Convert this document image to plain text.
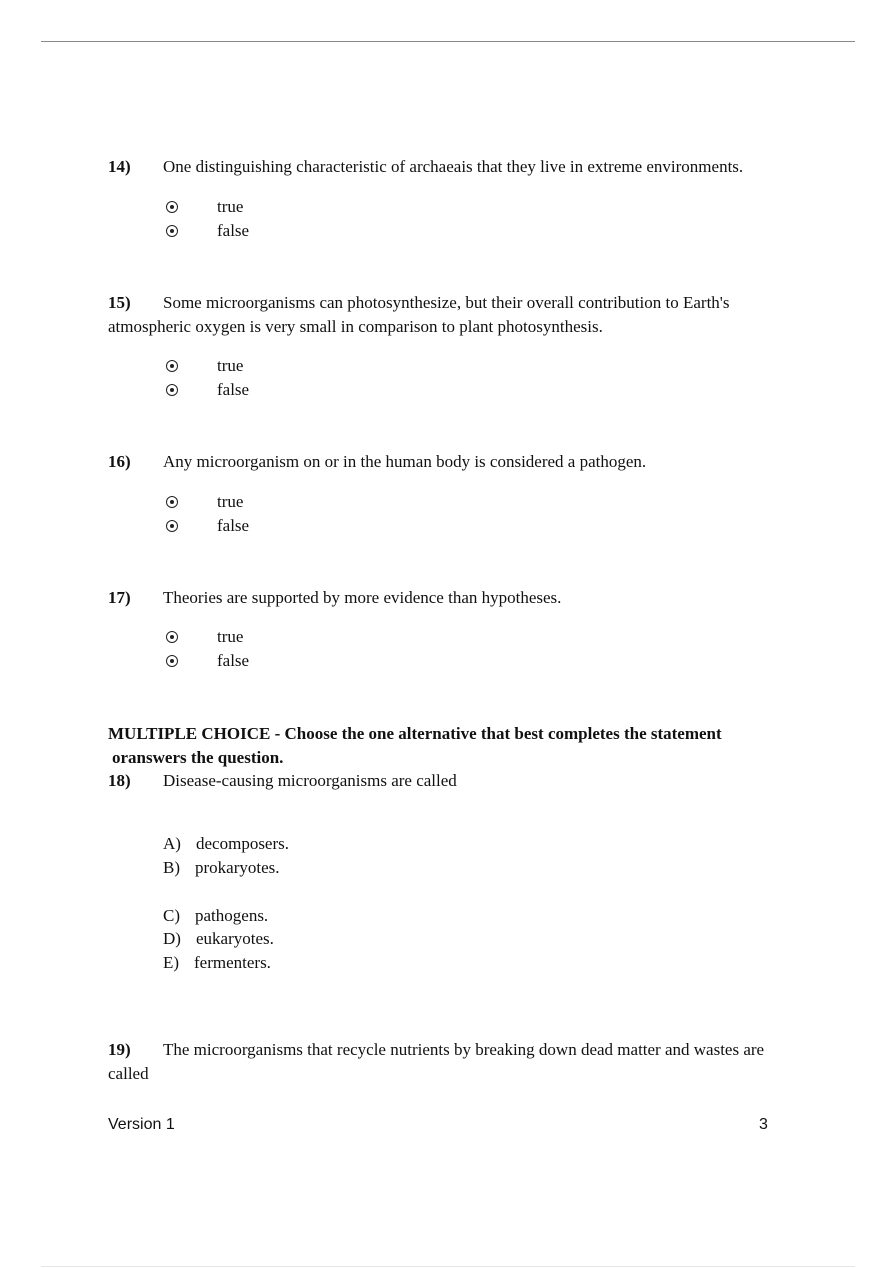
14) One distinguishing characteristic of archaeais that they live in extreme environments.
true
false
15) Some microorganisms can photosynthesize, but their overall contribution to Earth's
atmospheric oxygen is very small in comparison to plant photosynthesis.
true
false
16) Any microorganism on or in the human body is considered a pathogen.
true
false
17) Theories are supported by more evidence than hypotheses.
true
false
MULTIPLE CHOICE - Choose the one alternative that best completes the statement
oranswers the question.
18) Disease-causing microorganisms are called
A) decomposers.
B) prokaryotes.
C) pathogens.
D) eukaryotes.
E) fermenters.
19) The microorganisms that recycle nutrients by breaking down dead matter and wastes are
called
Version 1	3
